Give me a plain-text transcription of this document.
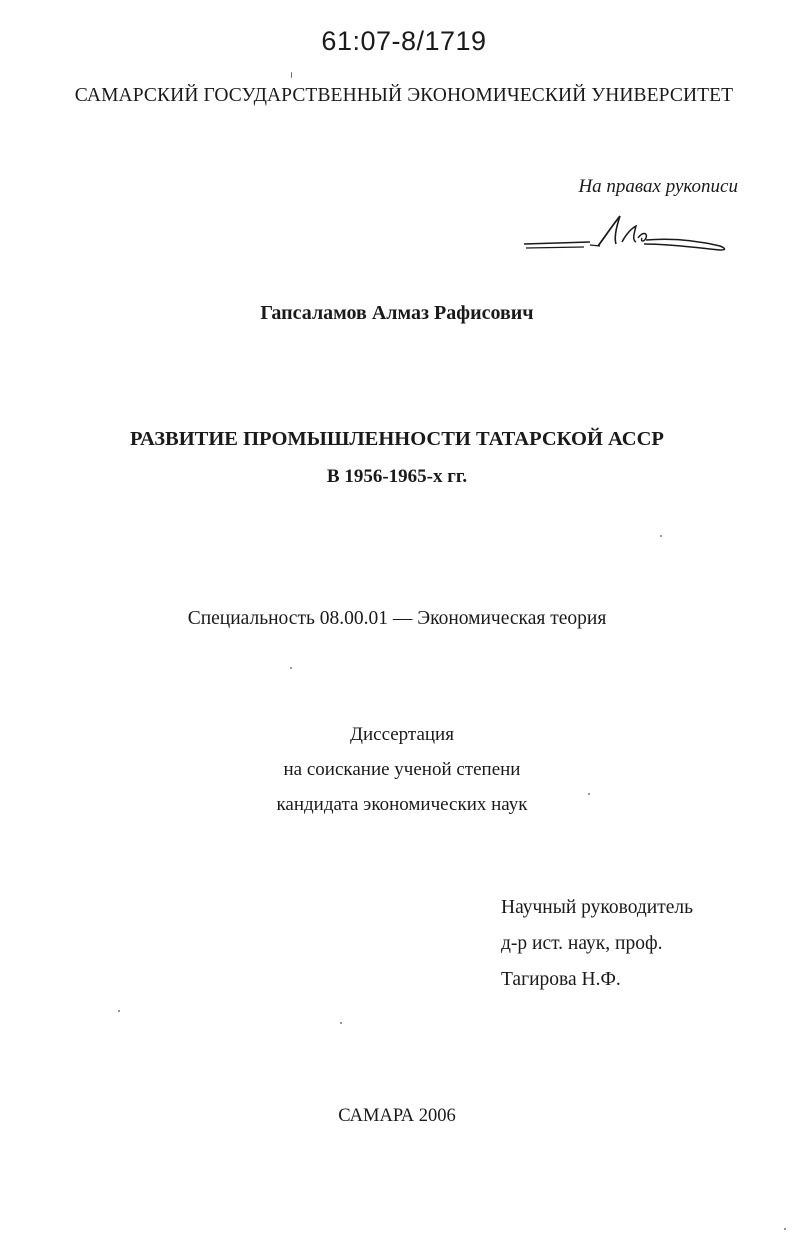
61:07-8/1719
САМАРСКИЙ ГОСУДАРСТВЕННЫЙ ЭКОНОМИЧЕСКИЙ УНИВЕРСИТЕТ
На правах рукописи
Гапсаламов Алмаз Рафисович
РАЗВИТИЕ ПРОМЫШЛЕННОСТИ ТАТАРСКОЙ АССР
В 1956-1965-х гг.
Специальность 08.00.01 — Экономическая теория
Диссертация
на соискание ученой степени
кандидата экономических наук
Научный руководитель
д-р ист. наук, проф.
Тагирова Н.Ф.
САМАРА 2006
